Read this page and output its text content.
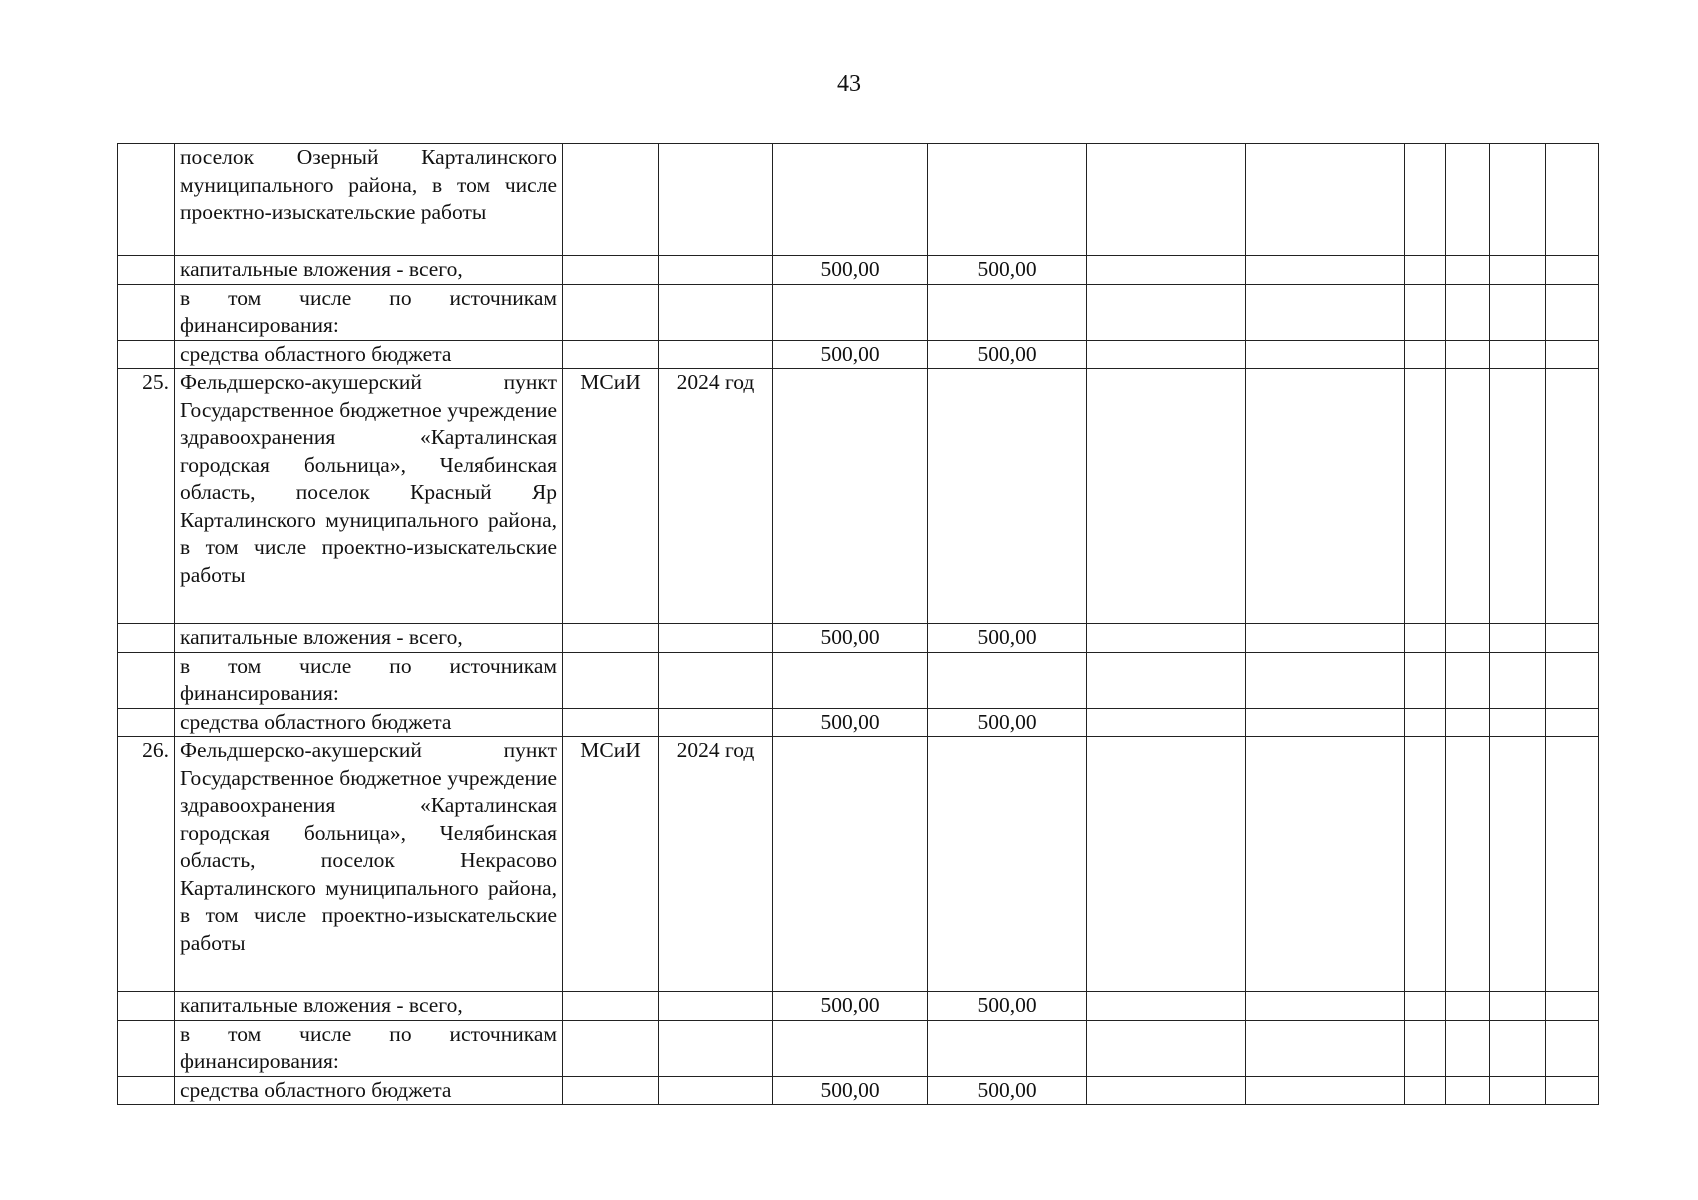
43
	поселок Озерный Карталинского муниципального района, в том числе проектно-изыскательские работы										
	капитальные вложения - всего,			500,00	500,00						
	в том числе по источникам финансирования:										
	средства областного бюджета			500,00	500,00						
25.	Фельдшерско-акушерский пункт Государственное бюджетное учреждение здравоохранения «Карталинская городская больница», Челябинская область, поселок Красный Яр Карталинского муниципального района, в том числе проектно-изыскательские работы	МСиИ	2024 год								
	капитальные вложения - всего,			500,00	500,00						
	в том числе по источникам финансирования:										
	средства областного бюджета			500,00	500,00						
26.	Фельдшерско-акушерский пункт Государственное бюджетное учреждение здравоохранения «Карталинская городская больница», Челябинская область, поселок Некрасово Карталинского муниципального района, в том числе проектно-изыскательские работы	МСиИ	2024 год								
	капитальные вложения - всего,			500,00	500,00						
	в том числе по источникам финансирования:										
	средства областного бюджета			500,00	500,00						
